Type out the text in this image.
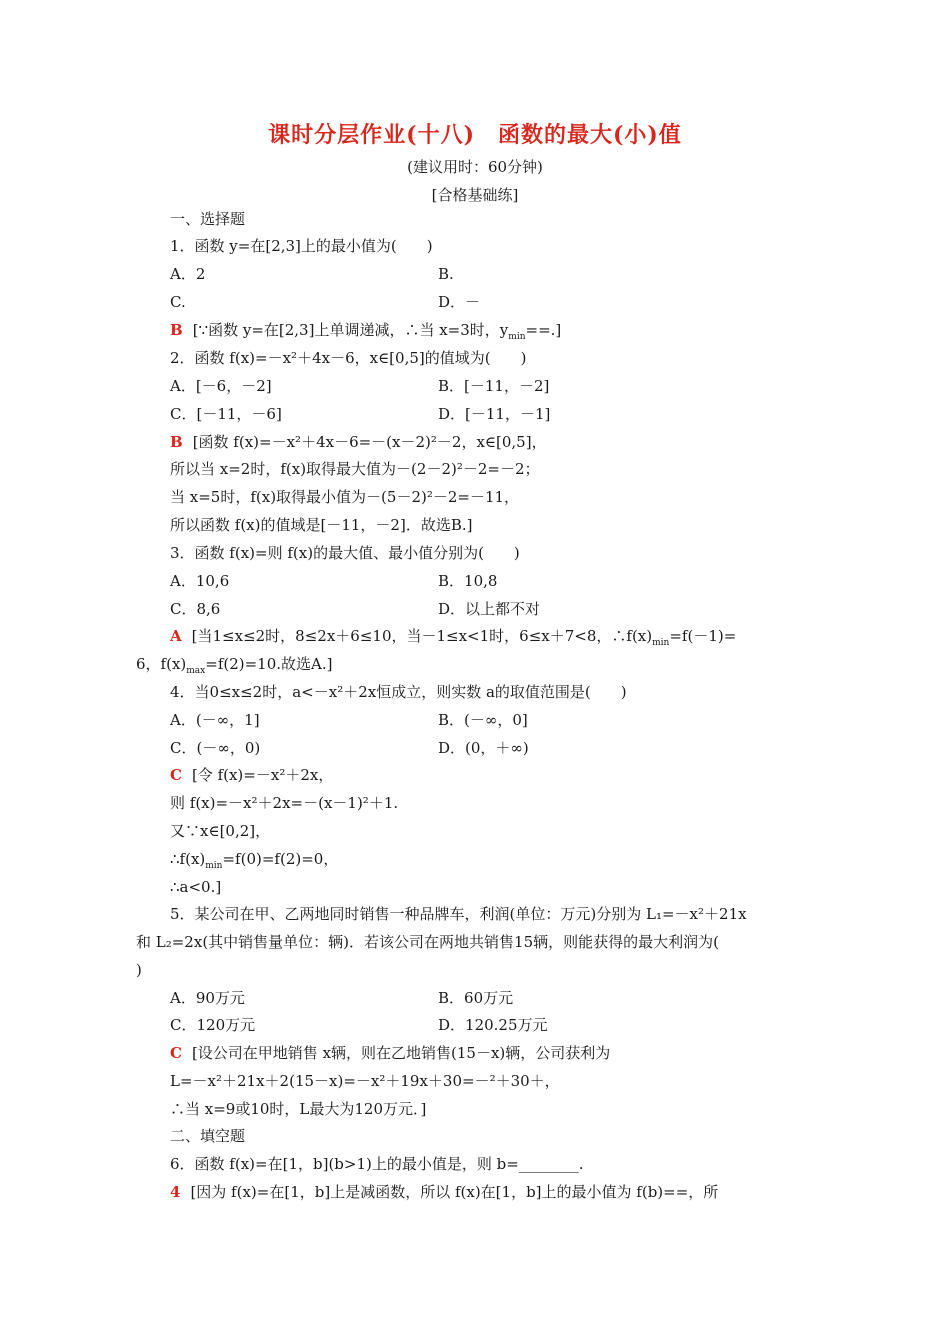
课时分层作业(十八)　函数的最大(小)值
(建议用时：60分钟)
[合格基础练]
一、选择题
1．函数 y=在[2,3]上的最小值为(　　)
A．2	B.
C.	D．－
B [∵函数 y=在[2,3]上单调递减，∴当 x=3时，$y_{min}==$.]
2．函数 f(x)=－x²＋4x－6，x∈[0,5]的值域为(　　)
A．[－6，－2]	B．[－11，－2]
C．[－11，－6]	D．[－11，－1]
B [函数 f(x)=－x²＋4x－6=－(x－2)²－2，x∈[0,5]，
所以当 x=2时，f(x)取得最大值为－(2－2)²－2=－2；
当 x=5时，f(x)取得最小值为－(5－2)²－2=－11，
所以函数 f(x)的值域是[－11，－2]．故选B.]
3．函数 f(x)=则 f(x)的最大值、最小值分别为(　　)
A．10,6	B．10,8
C．8,6	D．以上都不对
A [当1≤x≤2时，8≤2x＋6≤10，当－1≤x<1时，6≤x＋7<8，$\therefore f(x)_{min}=f(-1)=$
6，$f(x)_{max}=f(2)=10$.故选A.]
4．当0≤x≤2时，a<－x²＋2x恒成立，则实数 a的取值范围是(　　)
A．(－∞，1]	B．(－∞，0]
C．(－∞，0)	D．(0，＋∞)
C [令 f(x)=－x²＋2x，
则 f(x)=－x²＋2x=－(x－1)²＋1.
又∵x∈[0,2]，
$\therefore f(x)_{min}=f(0)=f(2)=0$，
∴a<0.]
5．某公司在甲、乙两地同时销售一种品牌车，利润(单位：万元)分别为 L₁=－x²＋21x
和 L₂=2x(其中销售量单位：辆)．若该公司在两地共销售15辆，则能获得的最大利润为(
)
A．90万元	B．60万元
C．120万元	D．120.25万元
C [设公司在甲地销售 x辆，则在乙地销售(15－x)辆，公司获利为
L=－x²＋21x＋2(15－x)=－x²＋19x＋30=－²＋30＋，
∴当 x=9或10时，L最大为120万元．]
二、填空题
6．函数 f(x)=在[1，b](b>1)上的最小值是，则 b=________.
4 [因为 f(x)=在[1，b]上是减函数，所以 f(x)在[1，b]上的最小值为 f(b)==，所
